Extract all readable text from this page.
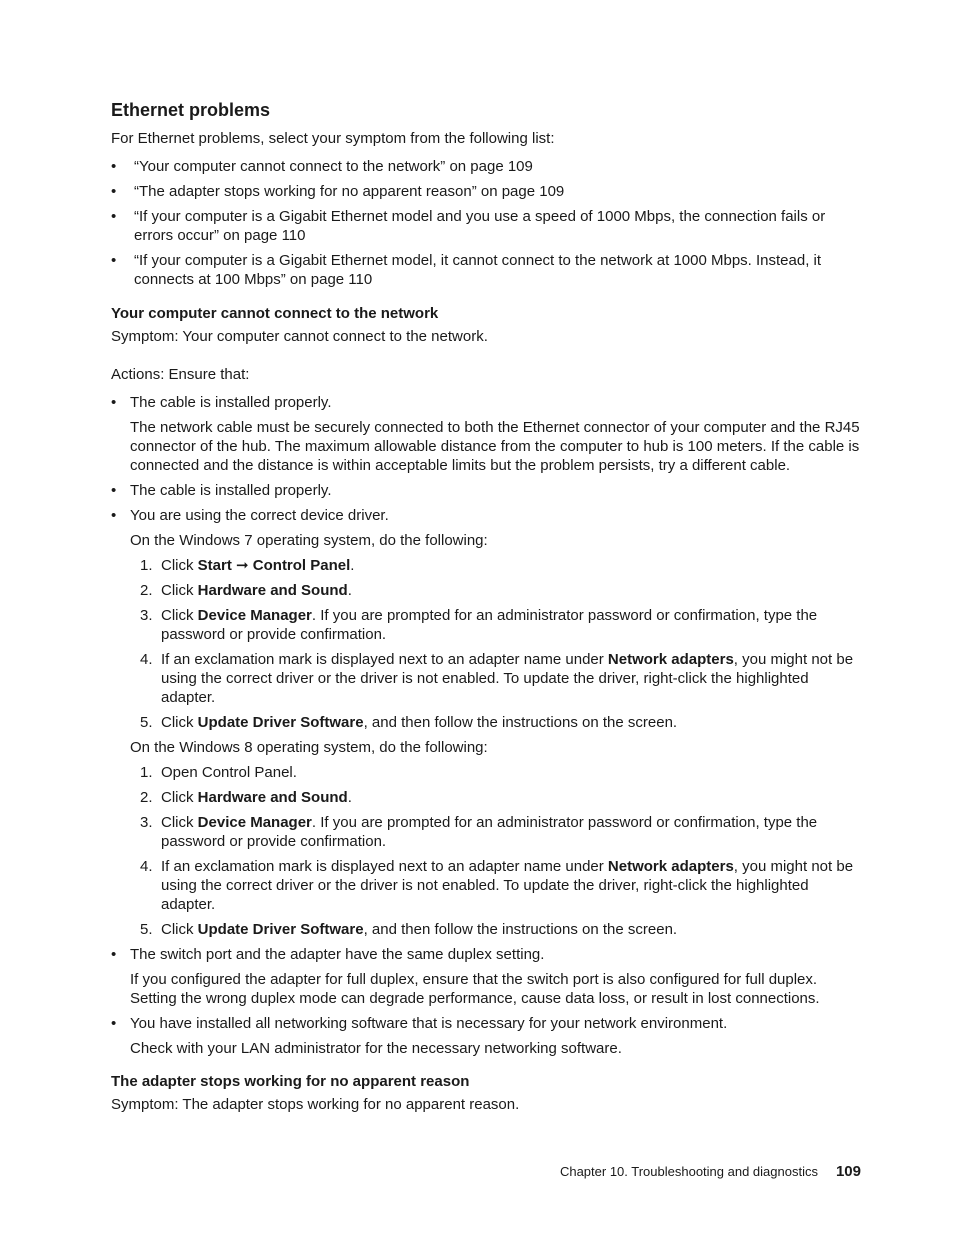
Ethernet problems

For Ethernet problems, select your symptom from the following list:

• “Your computer cannot connect to the network” on page 109
• “The adapter stops working for no apparent reason” on page 109
• “If your computer is a Gigabit Ethernet model and you use a speed of 1000 Mbps, the connection fails or errors occur” on page 110
• “If your computer is a Gigabit Ethernet model, it cannot connect to the network at 1000 Mbps. Instead, it connects at 100 Mbps” on page 110
Your computer cannot connect to the network

Symptom: Your computer cannot connect to the network.

Actions: Ensure that:

• The cable is installed properly.

The network cable must be securely connected to both the Ethernet connector of your computer and the RJ45 connector of the hub. The maximum allowable distance from the computer to hub is 100 meters. If the cable is connected and the distance is within acceptable limits but the problem persists, try a different cable.

• The cable is installed properly.

• You are using the correct device driver.

On the Windows 7 operating system, do the following:

1. Click Start ➞ Control Panel.
2. Click Hardware and Sound.
3. Click Device Manager. If you are prompted for an administrator password or confirmation, type the password or provide confirmation.
4. If an exclamation mark is displayed next to an adapter name under Network adapters, you might not be using the correct driver or the driver is not enabled. To update the driver, right-click the highlighted adapter.
5. Click Update Driver Software, and then follow the instructions on the screen.

On the Windows 8 operating system, do the following:

1. Open Control Panel.
2. Click Hardware and Sound.
3. Click Device Manager. If you are prompted for an administrator password or confirmation, type the password or provide confirmation.
4. If an exclamation mark is displayed next to an adapter name under Network adapters, you might not be using the correct driver or the driver is not enabled. To update the driver, right-click the highlighted adapter.
5. Click Update Driver Software, and then follow the instructions on the screen.
• The switch port and the adapter have the same duplex setting.

If you configured the adapter for full duplex, ensure that the switch port is also configured for full duplex. Setting the wrong duplex mode can degrade performance, cause data loss, or result in lost connections.

• You have installed all networking software that is necessary for your network environment.

Check with your LAN administrator for the necessary networking software.

The adapter stops working for no apparent reason

Symptom: The adapter stops working for no apparent reason.

Chapter 10. Troubleshooting and diagnostics 109
